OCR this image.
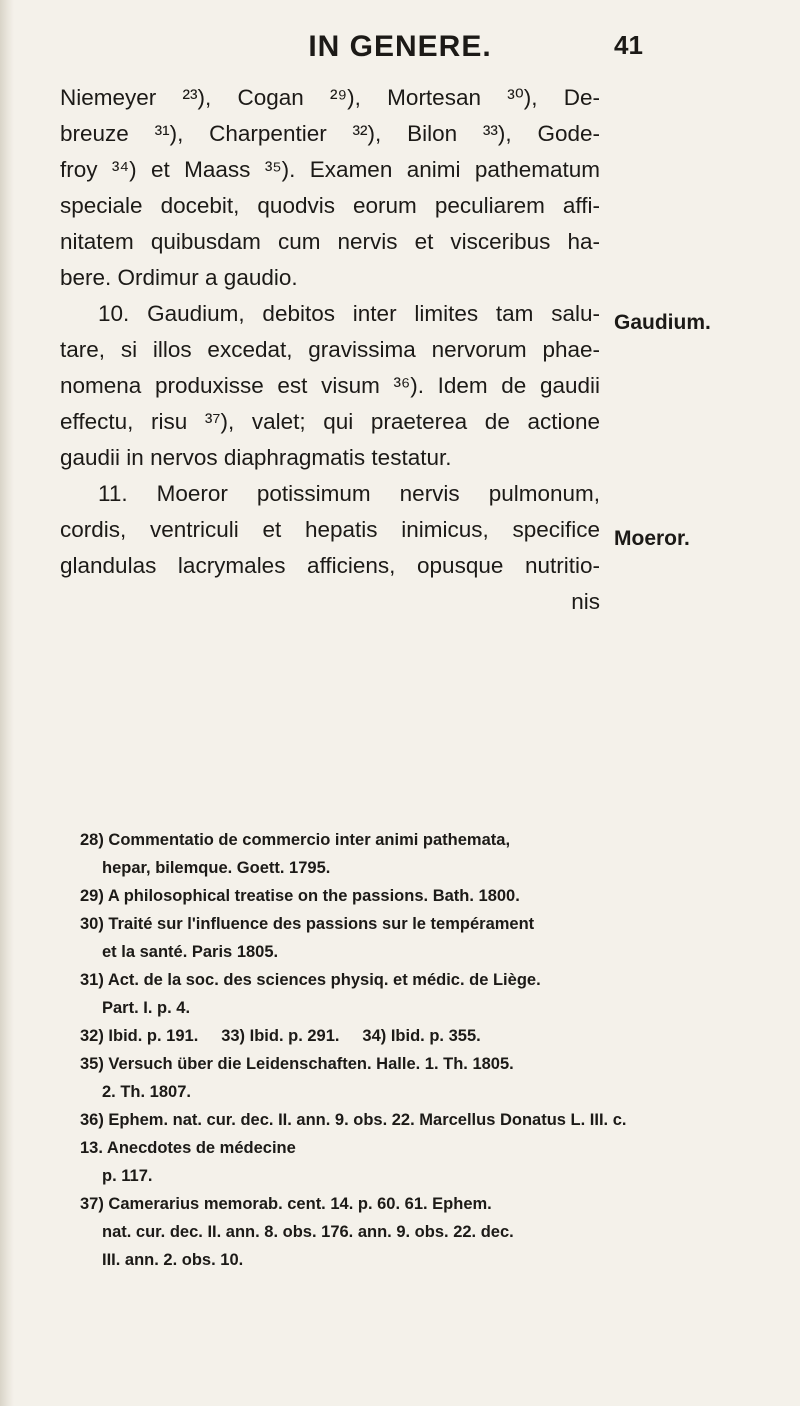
IN GENERE.	41
Niemeyer ²³), Cogan ²⁹), Mortesan ³⁰), De-
breuze ³¹), Charpentier ³²), Bilon ³³), Gode-
froy ³⁴) et Maass ³⁵). Examen animi pathematum
speciale docebit, quodvis eorum peculiarem affi-
nitatem quibusdam cum nervis et visceribus ha-
bere. Ordimur a gaudio.
10. Gaudium, debitos inter limites tam salu-
tare, si illos excedat, gravissima nervorum phae-
nomena produxisse est visum ³⁶). Idem de gaudii
effectu, risu ³⁷), valet; qui praeterea de actione
gaudii in nervos diaphragmatis testatur.
11. Moeror potissimum nervis pulmonum,
cordis, ventriculi et hepatis inimicus, specifice
glandulas lacrymales afficiens, opusque nutritio-
nis
Gaudium.
Moeror.
28) Commentatio de commercio inter animi pathemata,
hepar, bilemque. Goett. 1795.
29) A philosophical treatise on the passions. Bath. 1800.
30) Traité sur l'influence des passions sur le tempérament
et la santé. Paris 1805.
31) Act. de la soc. des sciences physiq. et médic. de Liège.
Part. I. p. 4.
32) Ibid. p. 191.     33) Ibid. p. 291.     34) Ibid. p. 355.
35) Versuch über die Leidenschaften. Halle. 1. Th. 1805.
2. Th. 1807.
36) Ephem. nat. cur. dec. II. ann. 9. obs. 22. Marcellus Donatus L. III. c. 13. Anecdotes de médecine
p. 117.
37) Camerarius memorab. cent. 14. p. 60. 61. Ephem.
nat. cur. dec. II. ann. 8. obs. 176. ann. 9. obs. 22. dec.
III. ann. 2. obs. 10.
